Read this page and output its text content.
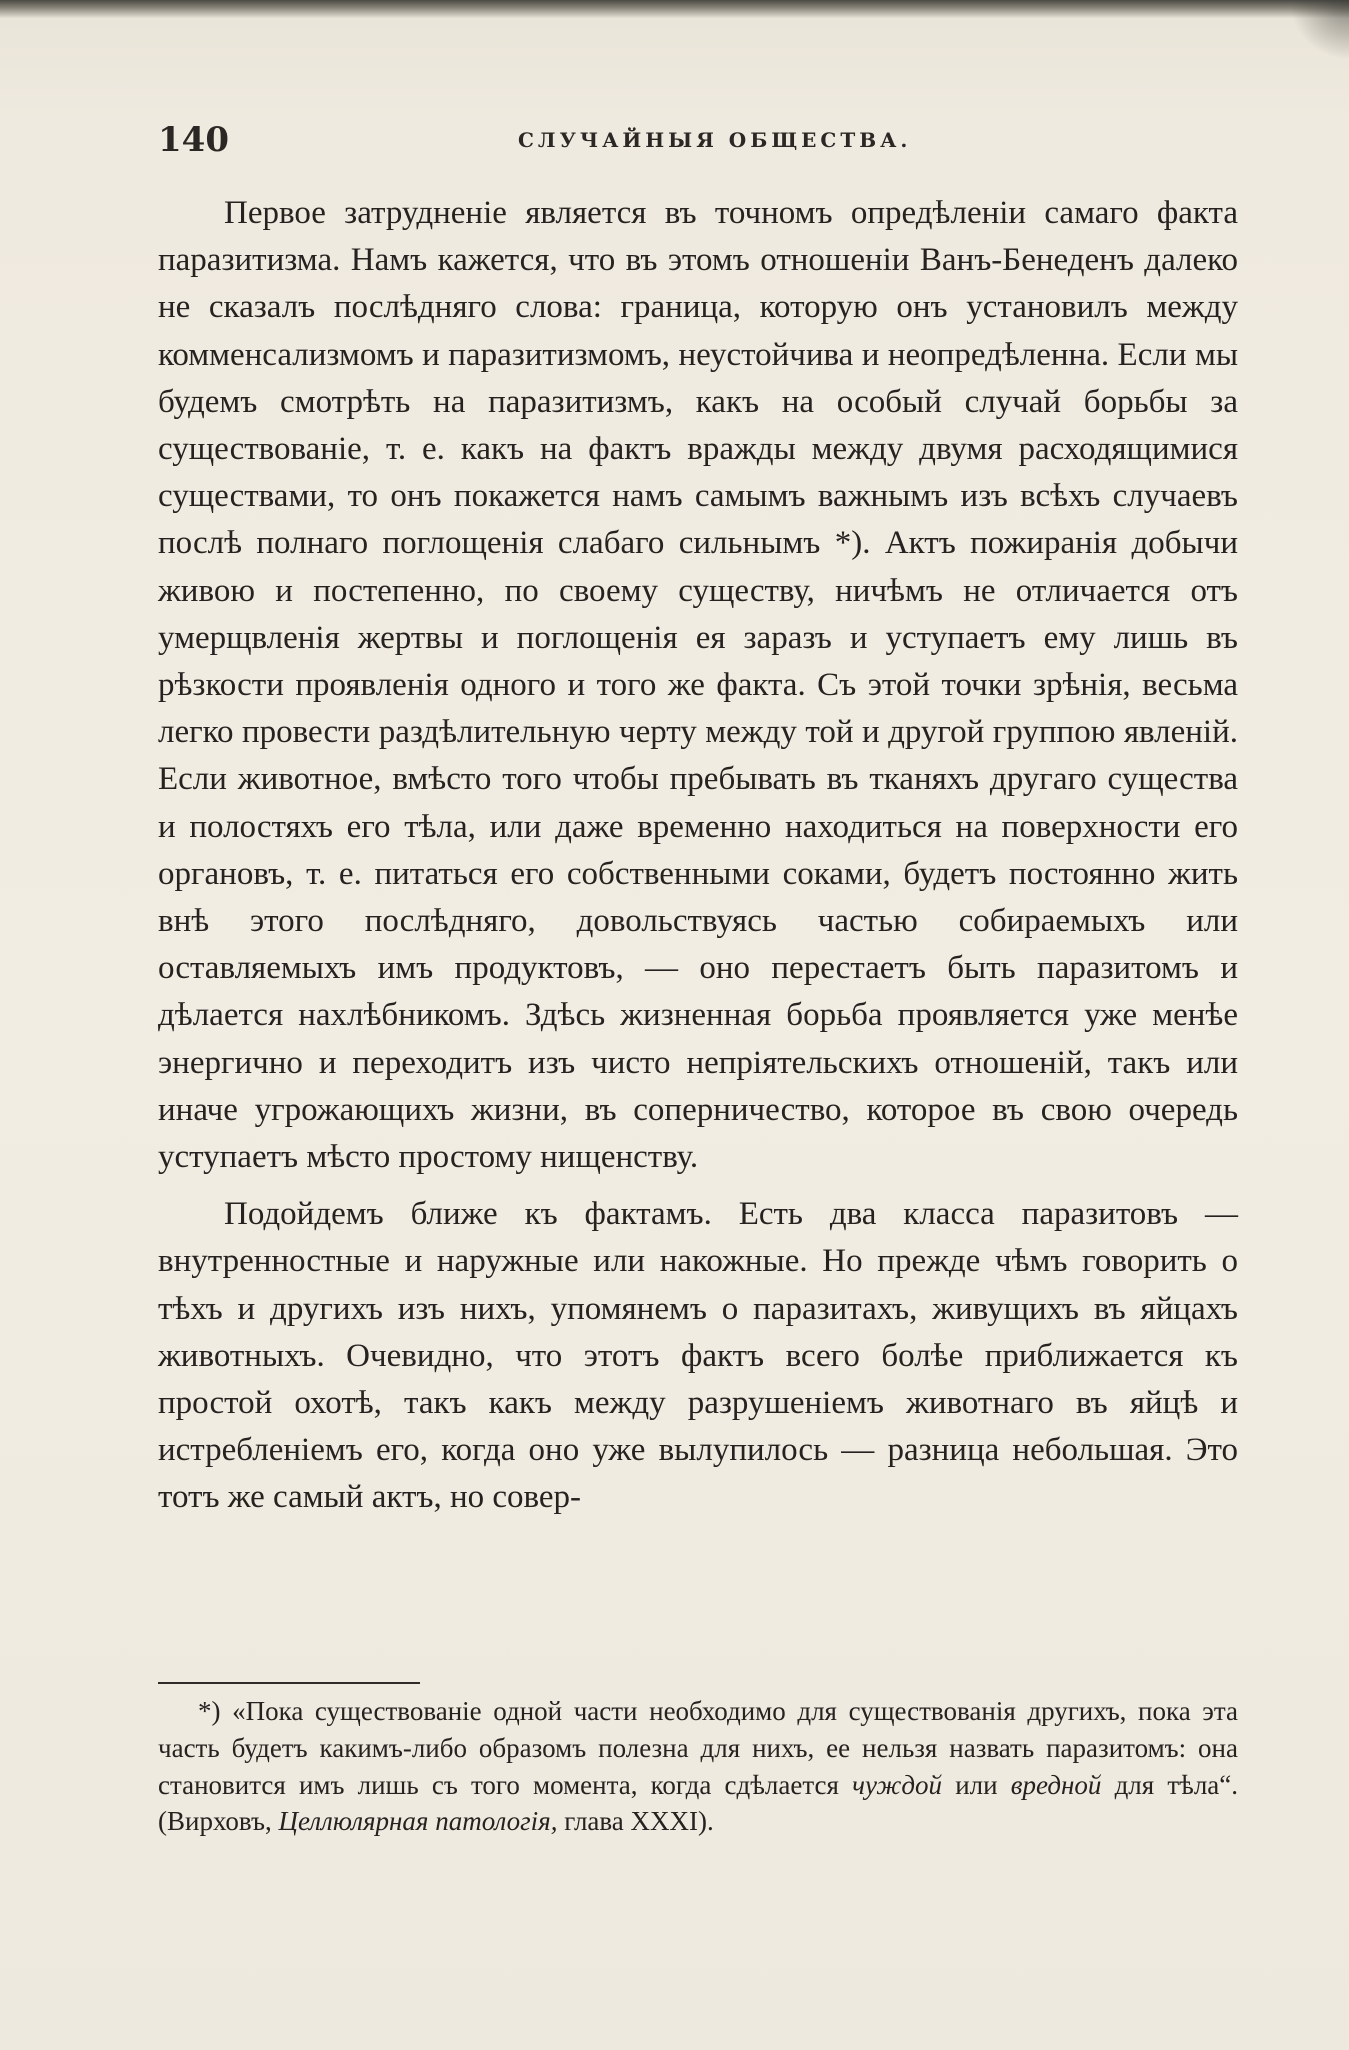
140	СЛУЧАЙНЫЯ ОБЩЕСТВА.

Первое затрудненіе является въ точномъ опредѣленіи самаго факта паразитизма. Намъ кажется, что въ этомъ отношеніи Ванъ-Бенеденъ далеко не сказалъ послѣдняго слова: граница, которую онъ установилъ между комменсализмомъ и паразитизмомъ, неустойчива и неопредѣленна. Если мы будемъ смотрѣть на паразитизмъ, какъ на особый случай борьбы за существованіе, т. е. какъ на фактъ вражды между двумя расходящимися существами, то онъ покажется намъ самымъ важнымъ изъ всѣхъ случаевъ послѣ полнаго поглощенія слабаго сильнымъ *). Актъ пожиранія добычи живою и постепенно, по своему существу, ничѣмъ не отличается отъ умерщвленія жертвы и поглощенія ея заразъ и уступаетъ ему лишь въ рѣзкости проявленія одного и того же факта. Съ этой точки зрѣнія, весьма легко провести раздѣлительную черту между той и другой группою явленій. Если животное, вмѣсто того чтобы пребывать въ тканяхъ другаго существа и полостяхъ его тѣла, или даже временно находиться на поверхности его органовъ, т. е. питаться его собственными соками, будетъ постоянно жить внѣ этого послѣдняго, довольствуясь частью собираемыхъ или оставляемыхъ имъ продуктовъ, — оно перестаетъ быть паразитомъ и дѣлается нахлѣбникомъ. Здѣсь жизненная борьба проявляется уже менѣе энергично и переходитъ изъ чисто непріятельскихъ отношеній, такъ или иначе угрожающихъ жизни, въ соперничество, которое въ свою очередь уступаетъ мѣсто простому нищенству.

Подойдемъ ближе къ фактамъ. Есть два класса паразитовъ — внутренностные и наружные или накожные. Но прежде чѣмъ говорить о тѣхъ и другихъ изъ нихъ, упомянемъ о паразитахъ, живущихъ въ яйцахъ животныхъ. Очевидно, что этотъ фактъ всего болѣе приближается къ простой охотѣ, такъ какъ между разрушеніемъ животнаго въ яйцѣ и истребленіемъ его, когда оно уже вылупилось — разница небольшая. Это тотъ же самый актъ, но совер-

*) «Пока существованіе одной части необходимо для существованія другихъ, пока эта часть будетъ какимъ-либо образомъ полезна для нихъ, ее нельзя назвать паразитомъ: она становится имъ лишь съ того момента, когда сдѣлается чуждой или вредной для тѣла“. (Вирховъ, Целлюлярная патологія, глава XXXI).
